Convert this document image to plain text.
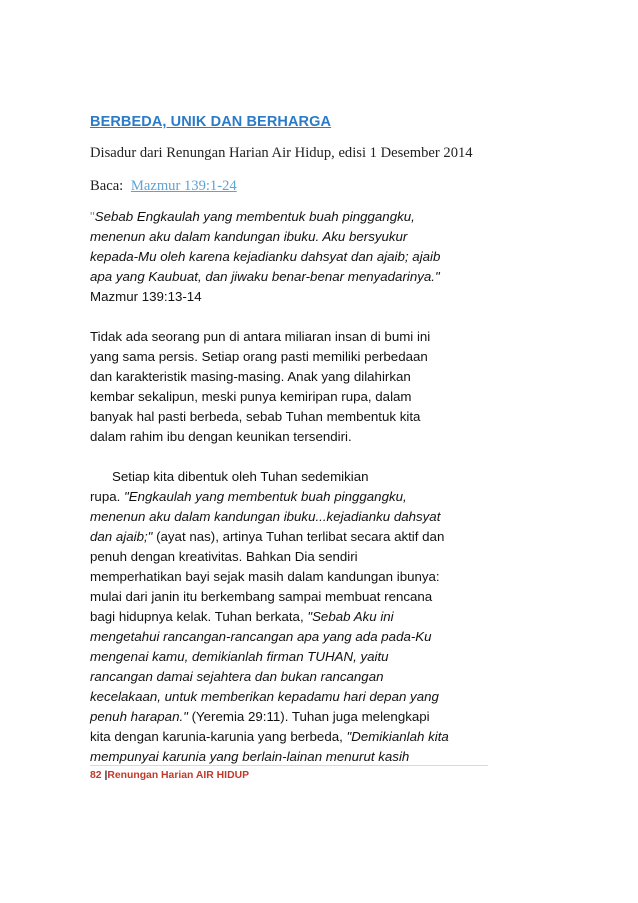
BERBEDA, UNIK DAN BERHARGA
Disadur dari Renungan Harian Air Hidup, edisi 1 Desember 2014
Baca: Mazmur 139:1-24
"Sebab Engkaulah yang membentuk buah pinggangku,
menenun aku dalam kandungan ibuku. Aku bersyukur
kepada-Mu oleh karena kejadianku dahsyat dan ajaib; ajaib
apa yang Kaubuat, dan jiwaku benar-benar menyadarinya."
Mazmur 139:13-14
Tidak ada seorang pun di antara miliaran insan di bumi ini
yang sama persis. Setiap orang pasti memiliki perbedaan
dan karakteristik masing-masing. Anak yang dilahirkan
kembar sekalipun, meski punya kemiripan rupa, dalam
banyak hal pasti berbeda, sebab Tuhan membentuk kita
dalam rahim ibu dengan keunikan tersendiri.
Setiap kita dibentuk oleh Tuhan sedemikian
rupa. "Engkaulah yang membentuk buah pinggangku,
menenun aku dalam kandungan ibuku...kejadianku dahsyat
dan ajaib;" (ayat nas), artinya Tuhan terlibat secara aktif dan
penuh dengan kreativitas. Bahkan Dia sendiri
memperhatikan bayi sejak masih dalam kandungan ibunya:
mulai dari janin itu berkembang sampai membuat rencana
bagi hidupnya kelak. Tuhan berkata, "Sebab Aku ini
mengetahui rancangan-rancangan apa yang ada pada-Ku
mengenai kamu, demikianlah firman TUHAN, yaitu
rancangan damai sejahtera dan bukan rancangan
kecelakaan, untuk memberikan kepadamu hari depan yang
penuh harapan." (Yeremia 29:11). Tuhan juga melengkapi
kita dengan karunia-karunia yang berbeda, "Demikianlah kita
mempunyai karunia yang berlain-lainan menurut kasih
82 |Renungan Harian AIR HIDUP
